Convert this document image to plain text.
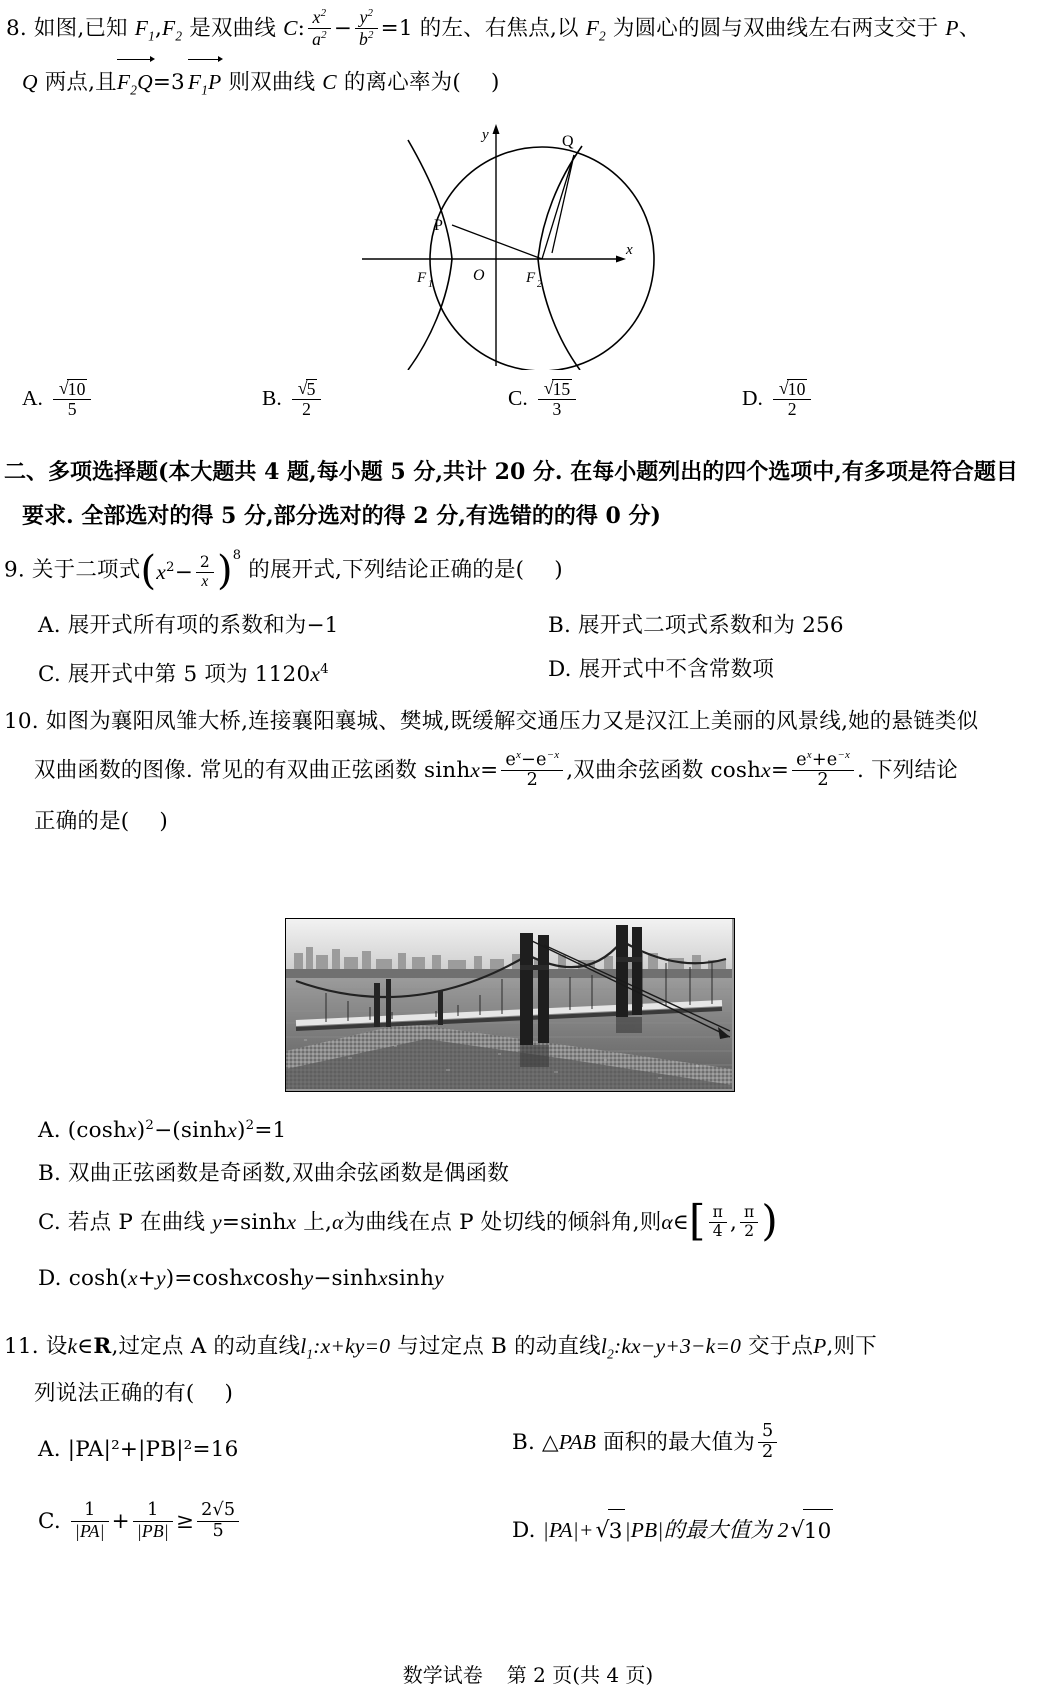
8. 如图,已知 $F_1,F_2$ 是双曲线 C: $\frac{x^2}{a^2} - \frac{y^2}{b^2} =1$ 的左、右焦点,以 $F_2$ 为圆心的圆与双曲线左右两支交于 P、
Q 两点,且
$F_2Q=3$ $F_1P$ 则双曲线 C 的离心率为( )
y
x
O
F 1	F 2
P
Q
A. $\frac{√10}{5}$	B. $\frac{√5}{2}$	C. $\frac{√15}{3}$	D. $\frac{√10}{2}$
二、多项选择题(本大题共 4 题,每小题 5 分,共计 20 分. 在每小题列出的四个选项中,有多项是符合题目
要求. 全部选对的得 5 分,部分选对的得 2 分,有选错的的得 0 分)
9. 关于二项式$(x^2- \frac{2}{x} )^8$的展开式,下列结论正确的是( )
A. 展开式所有项的系数和为−1	B. 展开式二项式系数和为 256
C. 展开式中第 5 项为 $1120x^4$	D. 展开式中不含常数项
10. 如图为襄阳凤雏大桥,连接襄阳襄城、樊城,既缓解交通压力又是汉江上美丽的风景线,她的悬链类似
双曲函数的图像. 常见的有双曲正弦函数 $\sinh x= \frac{e^x-e^{-x}}{2}$ ,双曲余弦函数 $\cosh x= \frac{e^x+e^{-x}}{2}$ . 下列结论
正确的是( )
A. $(\cosh x)^2-(\sinh x)^2=1$
B. 双曲正弦函数是奇函数,双曲余弦函数是偶函数
C. 若点 P 在曲线 y=sinhx 上,α为曲线在点 P 处切线的倾斜角,则α∈[ $\frac{\pi}{4}$ , $\frac{\pi}{2}$ )
D. cosh(x+y)=coshxcoshy−sinhxsinhy
11. 设k∈R,过定点 A 的动直线$l_1:x+ky=0$ 与过定点 B 的动直线$l_2:kx-y+3-k=0$ 交于点P,则下
列说法正确的有( )
A. |PA|²+|PB|²=16	B. △PAB 面积的最大值为 $\frac{5}{2}$
C. $\frac{1}{|PA|} + \frac{1}{|PB|} \ge \frac{2√5}{5}$	D. |PA|+√3|PB|的最大值为 2√10
数学试卷 第 2 页(共 4 页)
